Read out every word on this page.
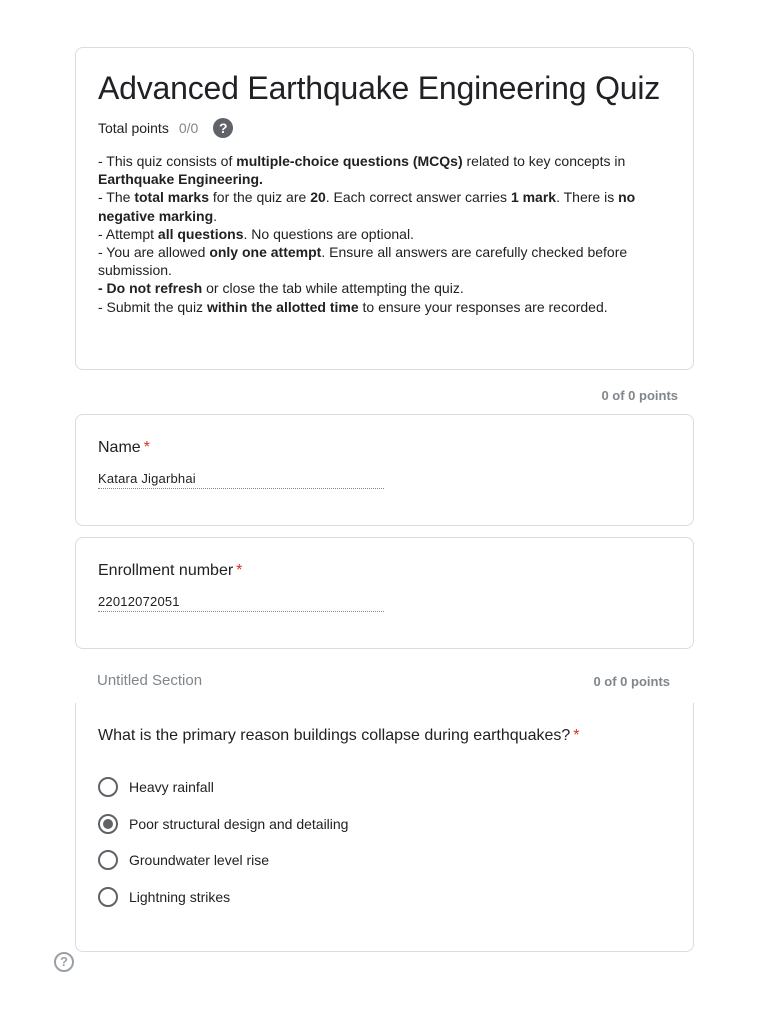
Advanced Earthquake Engineering Quiz
Total points 0/0	?
- This quiz consists of multiple-choice questions (MCQs) related to key concepts in Earthquake Engineering.
- The total marks for the quiz are 20. Each correct answer carries 1 mark. There is no negative marking.
- Attempt all questions. No questions are optional.
- You are allowed only one attempt. Ensure all answers are carefully checked before submission.
- Do not refresh or close the tab while attempting the quiz.
- Submit the quiz within the allotted time to ensure your responses are recorded.
0 of 0 points
Name *
Katara Jigarbhai
Enrollment number *
22012072051
Untitled Section	0 of 0 points
What is the primary reason buildings collapse during earthquakes? *
Heavy rainfall
Poor structural design and detailing
Groundwater level rise
Lightning strikes
?
